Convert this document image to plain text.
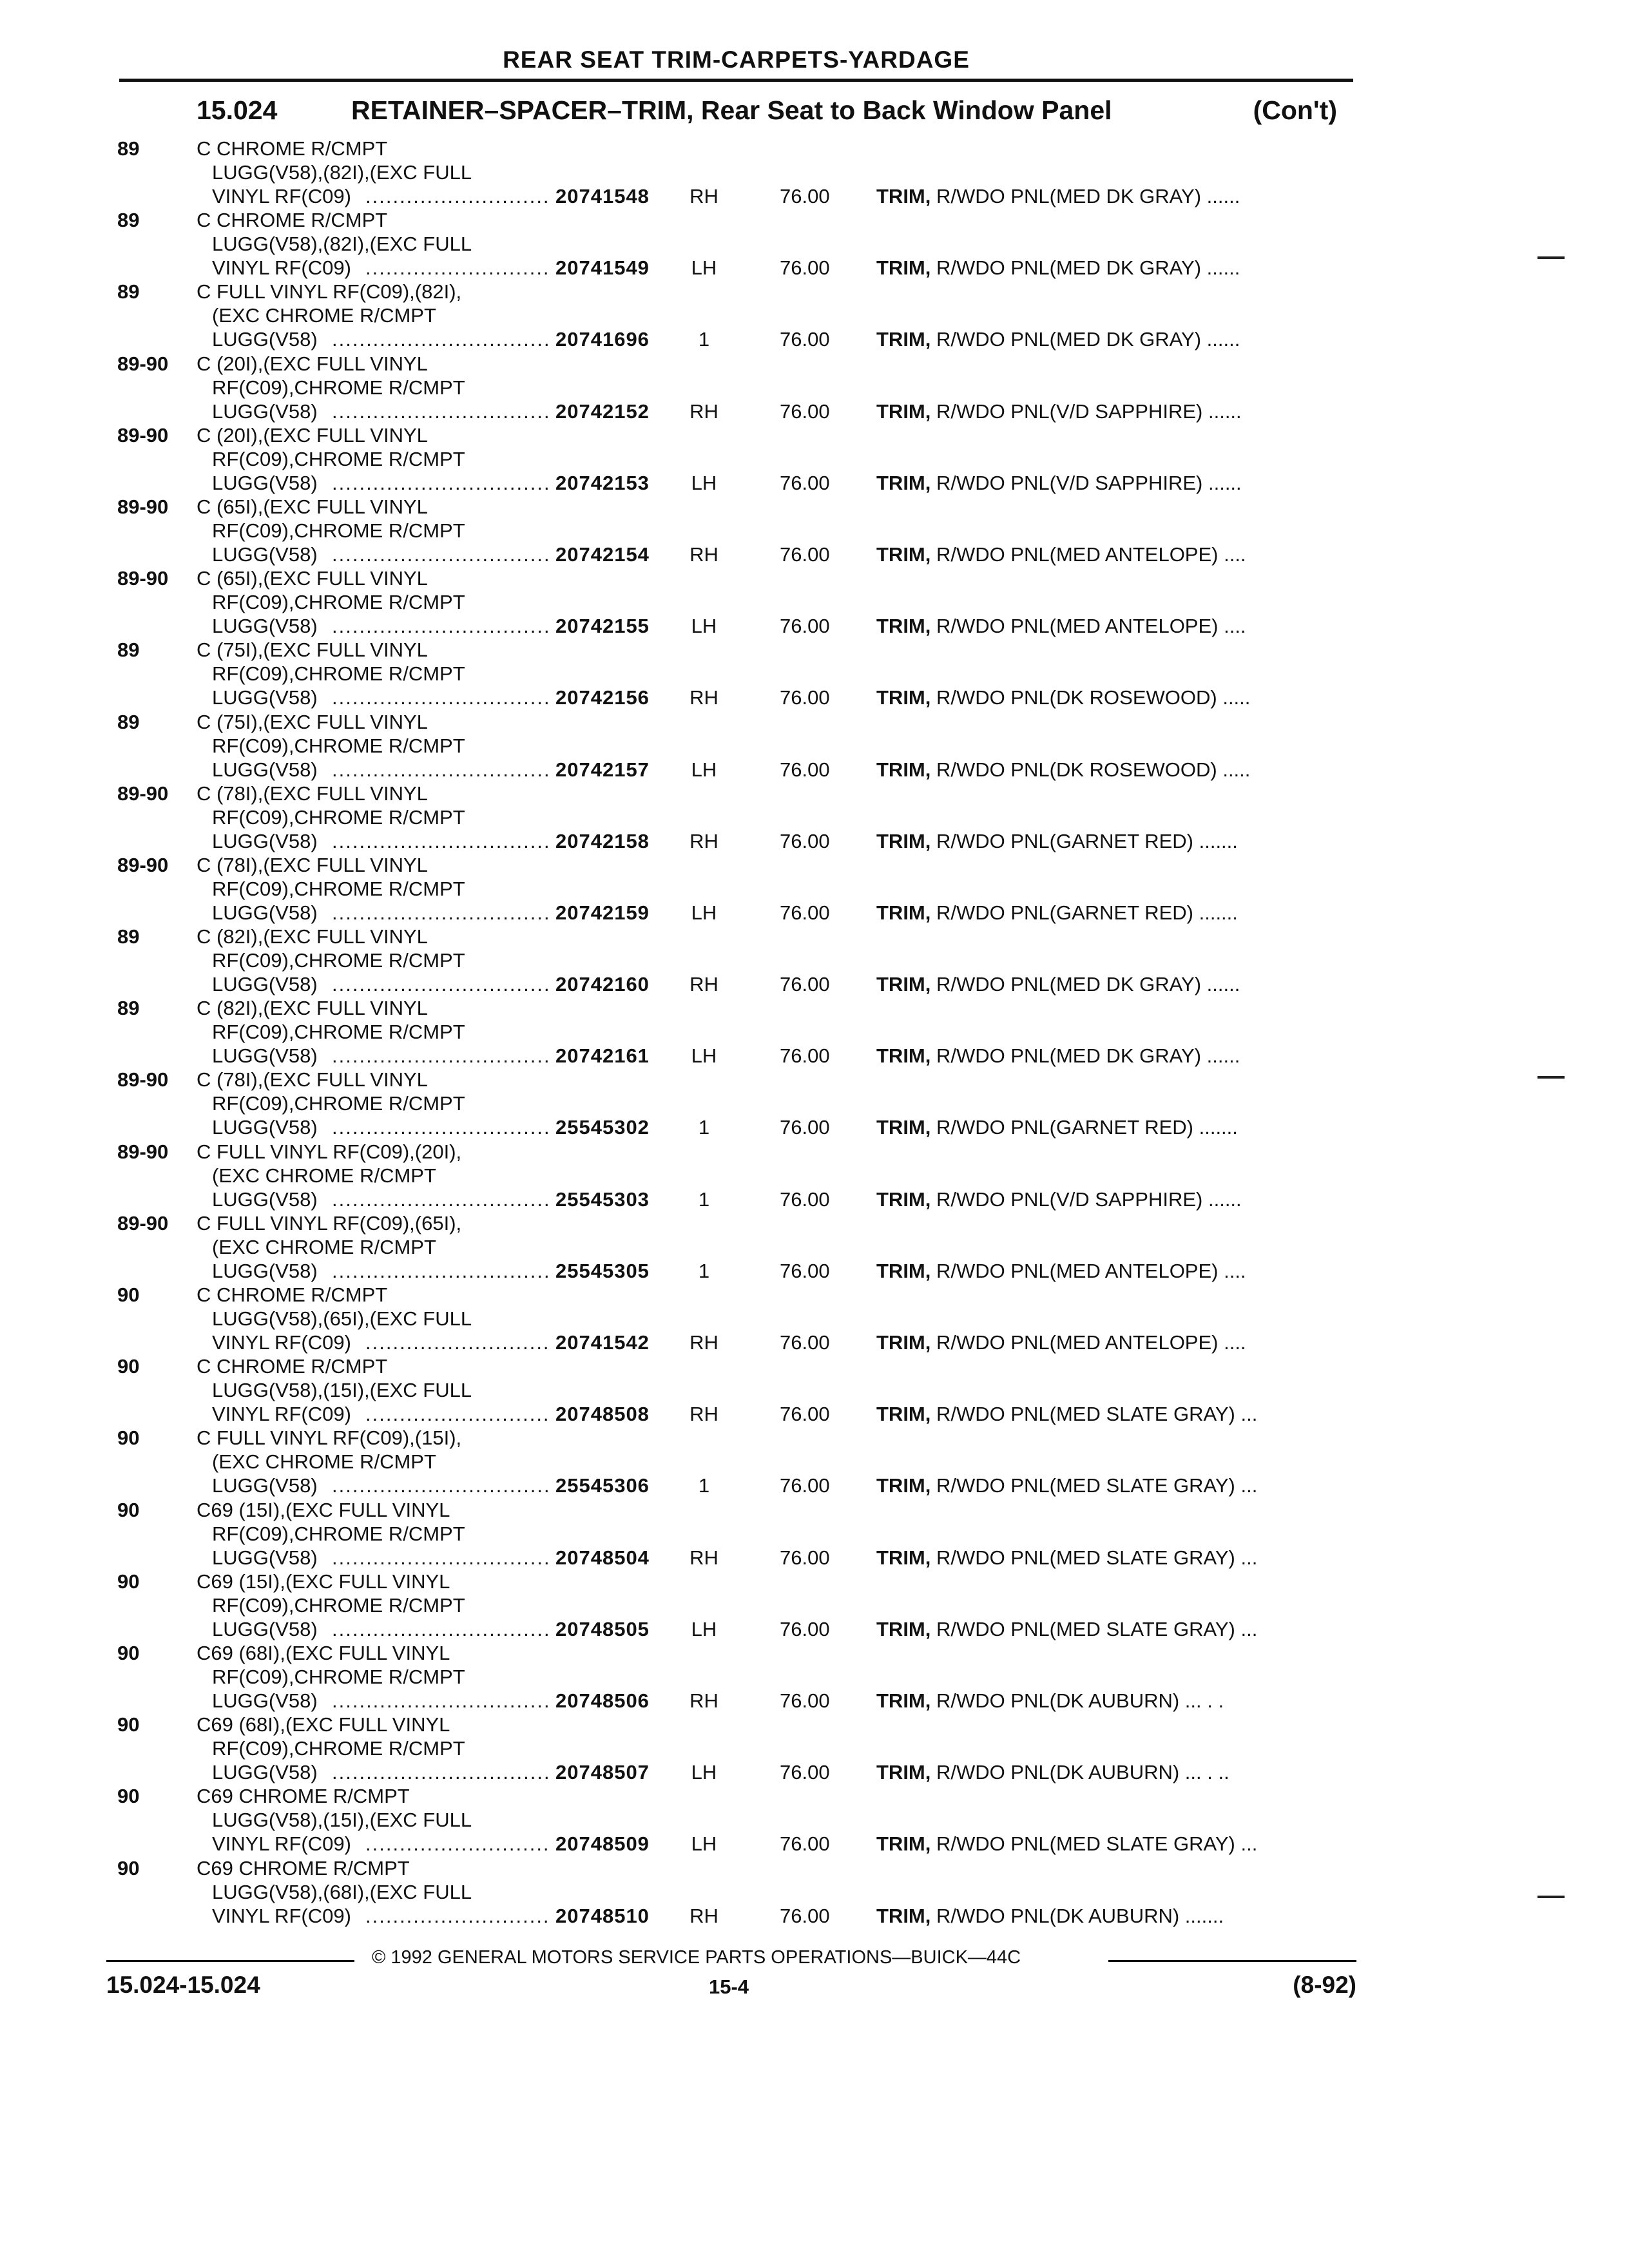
REAR SEAT TRIM-CARPETS-YARDAGE
15.024	RETAINER–SPACER–TRIM, Rear Seat to Back Window Panel	(Con't)
89	C CHROME R/CMPT
LUGG(V58),(82I),(EXC FULL
VINYL RF(C09) ........................... 20741548 RH	76.00 TRIM, R/WDO PNL(MED DK GRAY) ......
89	C CHROME R/CMPT
LUGG(V58),(82I),(EXC FULL
VINYL RF(C09) ........................... 20741549 LH	76.00 TRIM, R/WDO PNL(MED DK GRAY) ......
89	C FULL VINYL RF(C09),(82I),
(EXC CHROME R/CMPT
LUGG(V58) ................................ 20741696	1	76.00 TRIM, R/WDO PNL(MED DK GRAY) ......
89-90 C (20I),(EXC FULL VINYL
RF(C09),CHROME R/CMPT
LUGG(V58) ................................ 20742152 RH	76.00 TRIM, R/WDO PNL(V/D SAPPHIRE) ......
89-90 C (20I),(EXC FULL VINYL
RF(C09),CHROME R/CMPT
LUGG(V58) ................................ 20742153 LH	76.00 TRIM, R/WDO PNL(V/D SAPPHIRE) ......
89-90 C (65I),(EXC FULL VINYL
RF(C09),CHROME R/CMPT
LUGG(V58) ................................ 20742154 RH	76.00 TRIM, R/WDO PNL(MED ANTELOPE) ....
89-90 C (65I),(EXC FULL VINYL
RF(C09),CHROME R/CMPT
LUGG(V58) ................................ 20742155 LH	76.00 TRIM, R/WDO PNL(MED ANTELOPE) ....
89	C (75I),(EXC FULL VINYL
RF(C09),CHROME R/CMPT
LUGG(V58) ................................ 20742156 RH	76.00 TRIM, R/WDO PNL(DK ROSEWOOD) .....
89	C (75I),(EXC FULL VINYL
RF(C09),CHROME R/CMPT
LUGG(V58) ................................ 20742157 LH	76.00 TRIM, R/WDO PNL(DK ROSEWOOD) .....
89-90 C (78I),(EXC FULL VINYL
RF(C09),CHROME R/CMPT
LUGG(V58) ................................ 20742158 RH	76.00 TRIM, R/WDO PNL(GARNET RED) .......
89-90 C (78I),(EXC FULL VINYL
RF(C09),CHROME R/CMPT
LUGG(V58) ................................ 20742159 LH	76.00 TRIM, R/WDO PNL(GARNET RED) .......
89	C (82I),(EXC FULL VINYL
RF(C09),CHROME R/CMPT
LUGG(V58) ................................ 20742160 RH	76.00 TRIM, R/WDO PNL(MED DK GRAY) ......
89	C (82I),(EXC FULL VINYL
RF(C09),CHROME R/CMPT
LUGG(V58) ................................ 20742161 LH	76.00 TRIM, R/WDO PNL(MED DK GRAY) ......
89-90 C (78I),(EXC FULL VINYL
RF(C09),CHROME R/CMPT
LUGG(V58) ................................ 25545302	1	76.00 TRIM, R/WDO PNL(GARNET RED) .......
89-90 C FULL VINYL RF(C09),(20I),
(EXC CHROME R/CMPT
LUGG(V58) ................................ 25545303	1	76.00 TRIM, R/WDO PNL(V/D SAPPHIRE) ......
89-90 C FULL VINYL RF(C09),(65I),
(EXC CHROME R/CMPT
LUGG(V58) ................................ 25545305	1	76.00 TRIM, R/WDO PNL(MED ANTELOPE) ....
90	C CHROME R/CMPT
LUGG(V58),(65I),(EXC FULL
VINYL RF(C09) ........................... 20741542 RH	76.00 TRIM, R/WDO PNL(MED ANTELOPE) ....
90	C CHROME R/CMPT
LUGG(V58),(15I),(EXC FULL
VINYL RF(C09) ........................... 20748508 RH	76.00 TRIM, R/WDO PNL(MED SLATE GRAY) ...
90	C FULL VINYL RF(C09),(15I),
(EXC CHROME R/CMPT
LUGG(V58) ................................ 25545306	1	76.00 TRIM, R/WDO PNL(MED SLATE GRAY) ...
90	C69 (15I),(EXC FULL VINYL
RF(C09),CHROME R/CMPT
LUGG(V58) ................................ 20748504 RH	76.00 TRIM, R/WDO PNL(MED SLATE GRAY) ...
90	C69 (15I),(EXC FULL VINYL
RF(C09),CHROME R/CMPT
LUGG(V58) ................................ 20748505 LH	76.00 TRIM, R/WDO PNL(MED SLATE GRAY) ...
90	C69 (68I),(EXC FULL VINYL
RF(C09),CHROME R/CMPT
LUGG(V58) ................................ 20748506 RH	76.00 TRIM, R/WDO PNL(DK AUBURN) ... . .
90	C69 (68I),(EXC FULL VINYL
RF(C09),CHROME R/CMPT
LUGG(V58) ................................ 20748507 LH	76.00 TRIM, R/WDO PNL(DK AUBURN) ... . ..
90	C69 CHROME R/CMPT
LUGG(V58),(15I),(EXC FULL
VINYL RF(C09) ........................... 20748509 LH	76.00 TRIM, R/WDO PNL(MED SLATE GRAY) ...
90	C69 CHROME R/CMPT
LUGG(V58),(68I),(EXC FULL
VINYL RF(C09) ........................... 20748510 RH	76.00 TRIM, R/WDO PNL(DK AUBURN) .......
© 1992 GENERAL MOTORS SERVICE PARTS OPERATIONS—BUICK—44C
15.024-15.024	15-4	(8-92)
